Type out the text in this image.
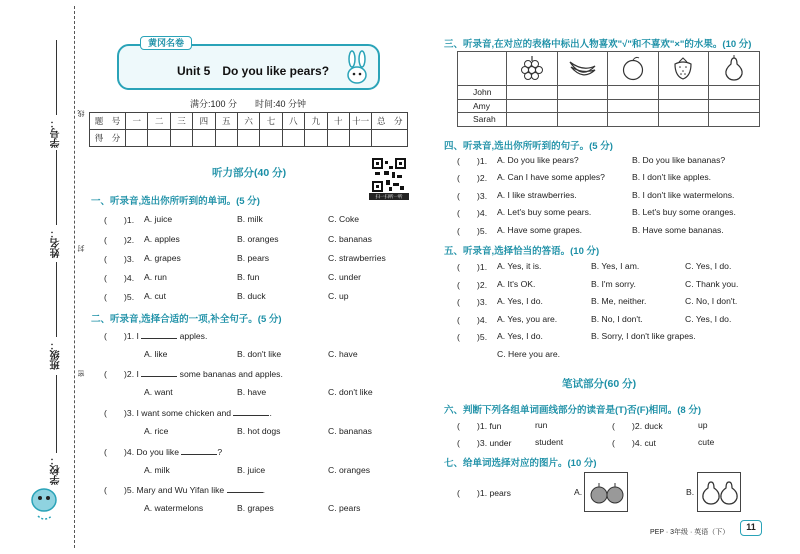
学号：
姓名：
班级：
学校：
线
封
密
黄冈名卷
Unit 5　Do you like pears?
满分:100 分　　时间:40 分钟
题　号	一	二	三	四	五	六	七	八	九	十	十一	总　分
得　分												
扫一扫听一听
听力部分(40 分)
一、听录音,选出你所听到的单词。(5 分)
(　　)1. A. juice	B. milk	C. Coke
(　　)2. A. apples	B. oranges	C. bananas
(　　)3. A. grapes	B. pears	C. strawberries
(　　)4. A. run	B. fun	C. under
(　　)5. A. cut	B. duck	C. up
二、听录音,选择合适的一项,补全句子。(5 分)
(　　)1. I	apples.
A. like	B. don't like	C. have
(　　)2. I	some bananas and apples.
A. want	B. have	C. don't like
(　　)3. I want some chicken and	.
A. rice	B. hot dogs	C. bananas
(　　)4. Do you like	?
A. milk	B. juice	C. oranges
(　　)5. Mary and Wu Yifan like	.
A. watermelons	B. grapes	C. pears
三、听录音,在对应的表格中标出人物喜欢"√"和不喜欢"×"的水果。(10 分)

John					
Amy					
Sarah					
四、听录音,选出你所听到的句子。(5 分)
(　　)1. A. Do you like pears?	B. Do you like bananas?
(　　)2. A. Can I have some apples?	B. I don't like apples.
(　　)3. A. I like strawberries.	B. I don't like watermelons.
(　　)4. A. Let's buy some pears.	B. Let's buy some oranges.
(　　)5. A. Have some grapes.	B. Have some bananas.
五、听录音,选择恰当的答语。(10 分)
(　　)1. A. Yes, it is.	B. Yes, I am.	C. Yes, I do.
(　　)2. A. It's OK.	B. I'm sorry.	C. Thank you.
(　　)3. A. Yes, I do.	B. Me, neither.	C. No, I don't.
(　　)4. A. Yes, you are.	B. No, I don't.	C. Yes, I do.
(　　)5. A. Yes, I do.	B. Sorry, I don't like grapes.
C. Here you are.
笔试部分(60 分)
六、判断下列各组单词画线部分的读音是(T)否(F)相同。(8 分)
(　　)1. fun	run	(　　)2. duck	up
(　　)3. under	student	(　　)4. cut	cute
七、给单词选择对应的图片。(10 分)
(　　)1. pears	A.	B.
PEP · 3年级 · 英语（下）
11
